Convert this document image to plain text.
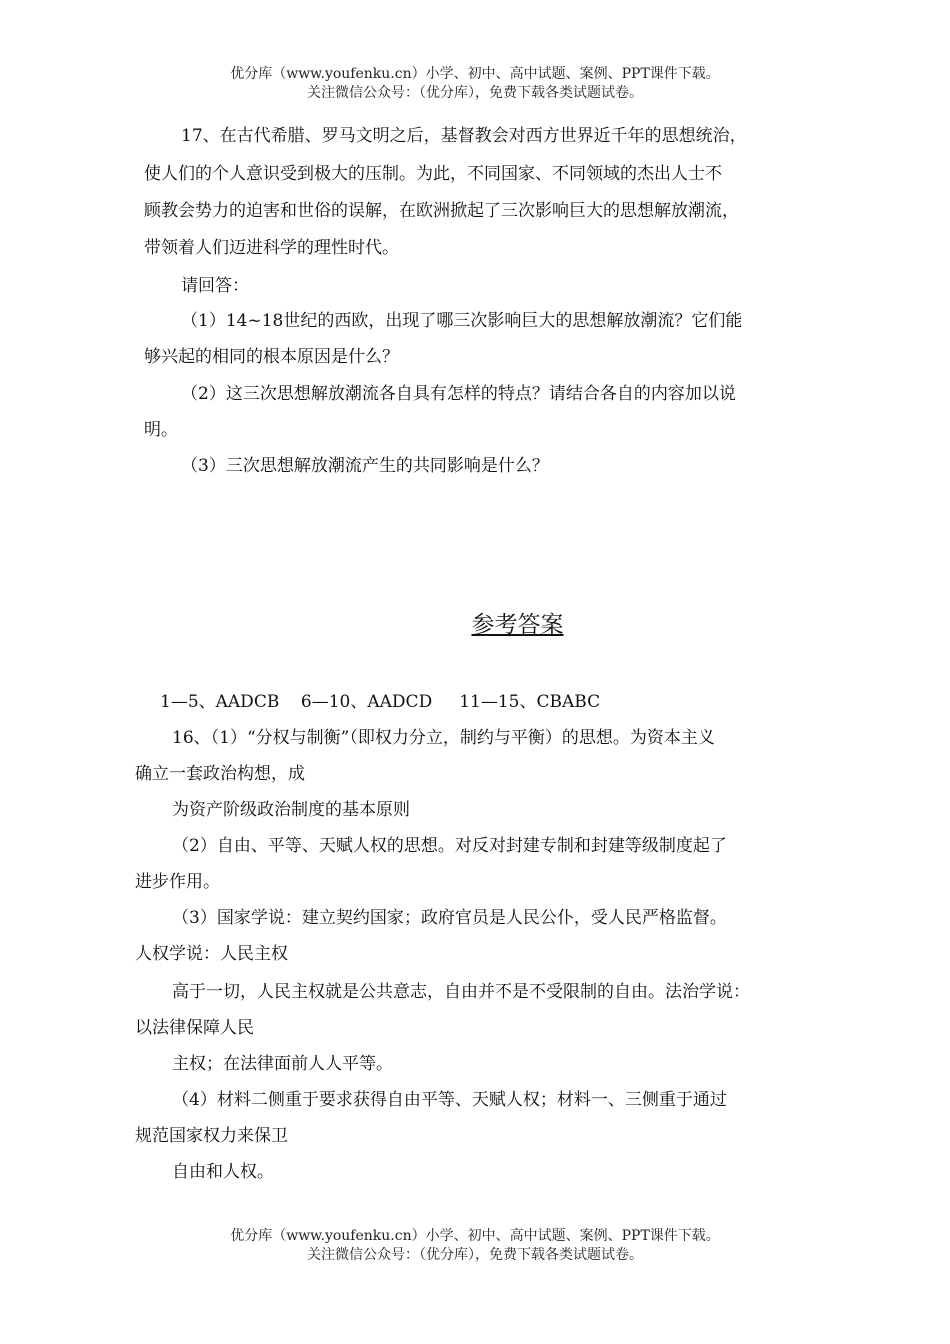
优分库（www.youfenku.cn）小学、初中、高中试题、案例、PPT课件下载。
关注微信公众号：（优分库），免费下载各类试题试卷。
17、在古代希腊、罗马文明之后，基督教会对西方世界近千年的思想统治，
使人们的个人意识受到极大的压制。为此，不同国家、不同领域的杰出人士不
顾教会势力的迫害和世俗的误解，在欧洲掀起了三次影响巨大的思想解放潮流，
带领着人们迈进科学的理性时代。
请回答：
（1）14~18世纪的西欧，出现了哪三次影响巨大的思想解放潮流？它们能
够兴起的相同的根本原因是什么？
（2）这三次思想解放潮流各自具有怎样的特点？请结合各自的内容加以说
明。
（3）三次思想解放潮流产生的共同影响是什么？
参考答案
1—5、AADCB    6—10、AADCD     11—15、CBABC
16、（1）“分权与制衡”（即权力分立，制约与平衡）的思想。为资本主义
确立一套政治构想，成
为资产阶级政治制度的基本原则
（2）自由、平等、天赋人权的思想。对反对封建专制和封建等级制度起了
进步作用。
（3）国家学说：建立契约国家；政府官员是人民公仆，受人民严格监督。
人权学说：人民主权
高于一切，人民主权就是公共意志，自由并不是不受限制的自由。法治学说：
以法律保障人民
主权；在法律面前人人平等。
（4）材料二侧重于要求获得自由平等、天赋人权；材料一、三侧重于通过
规范国家权力来保卫
自由和人权。
优分库（www.youfenku.cn）小学、初中、高中试题、案例、PPT课件下载。
关注微信公众号：（优分库），免费下载各类试题试卷。
